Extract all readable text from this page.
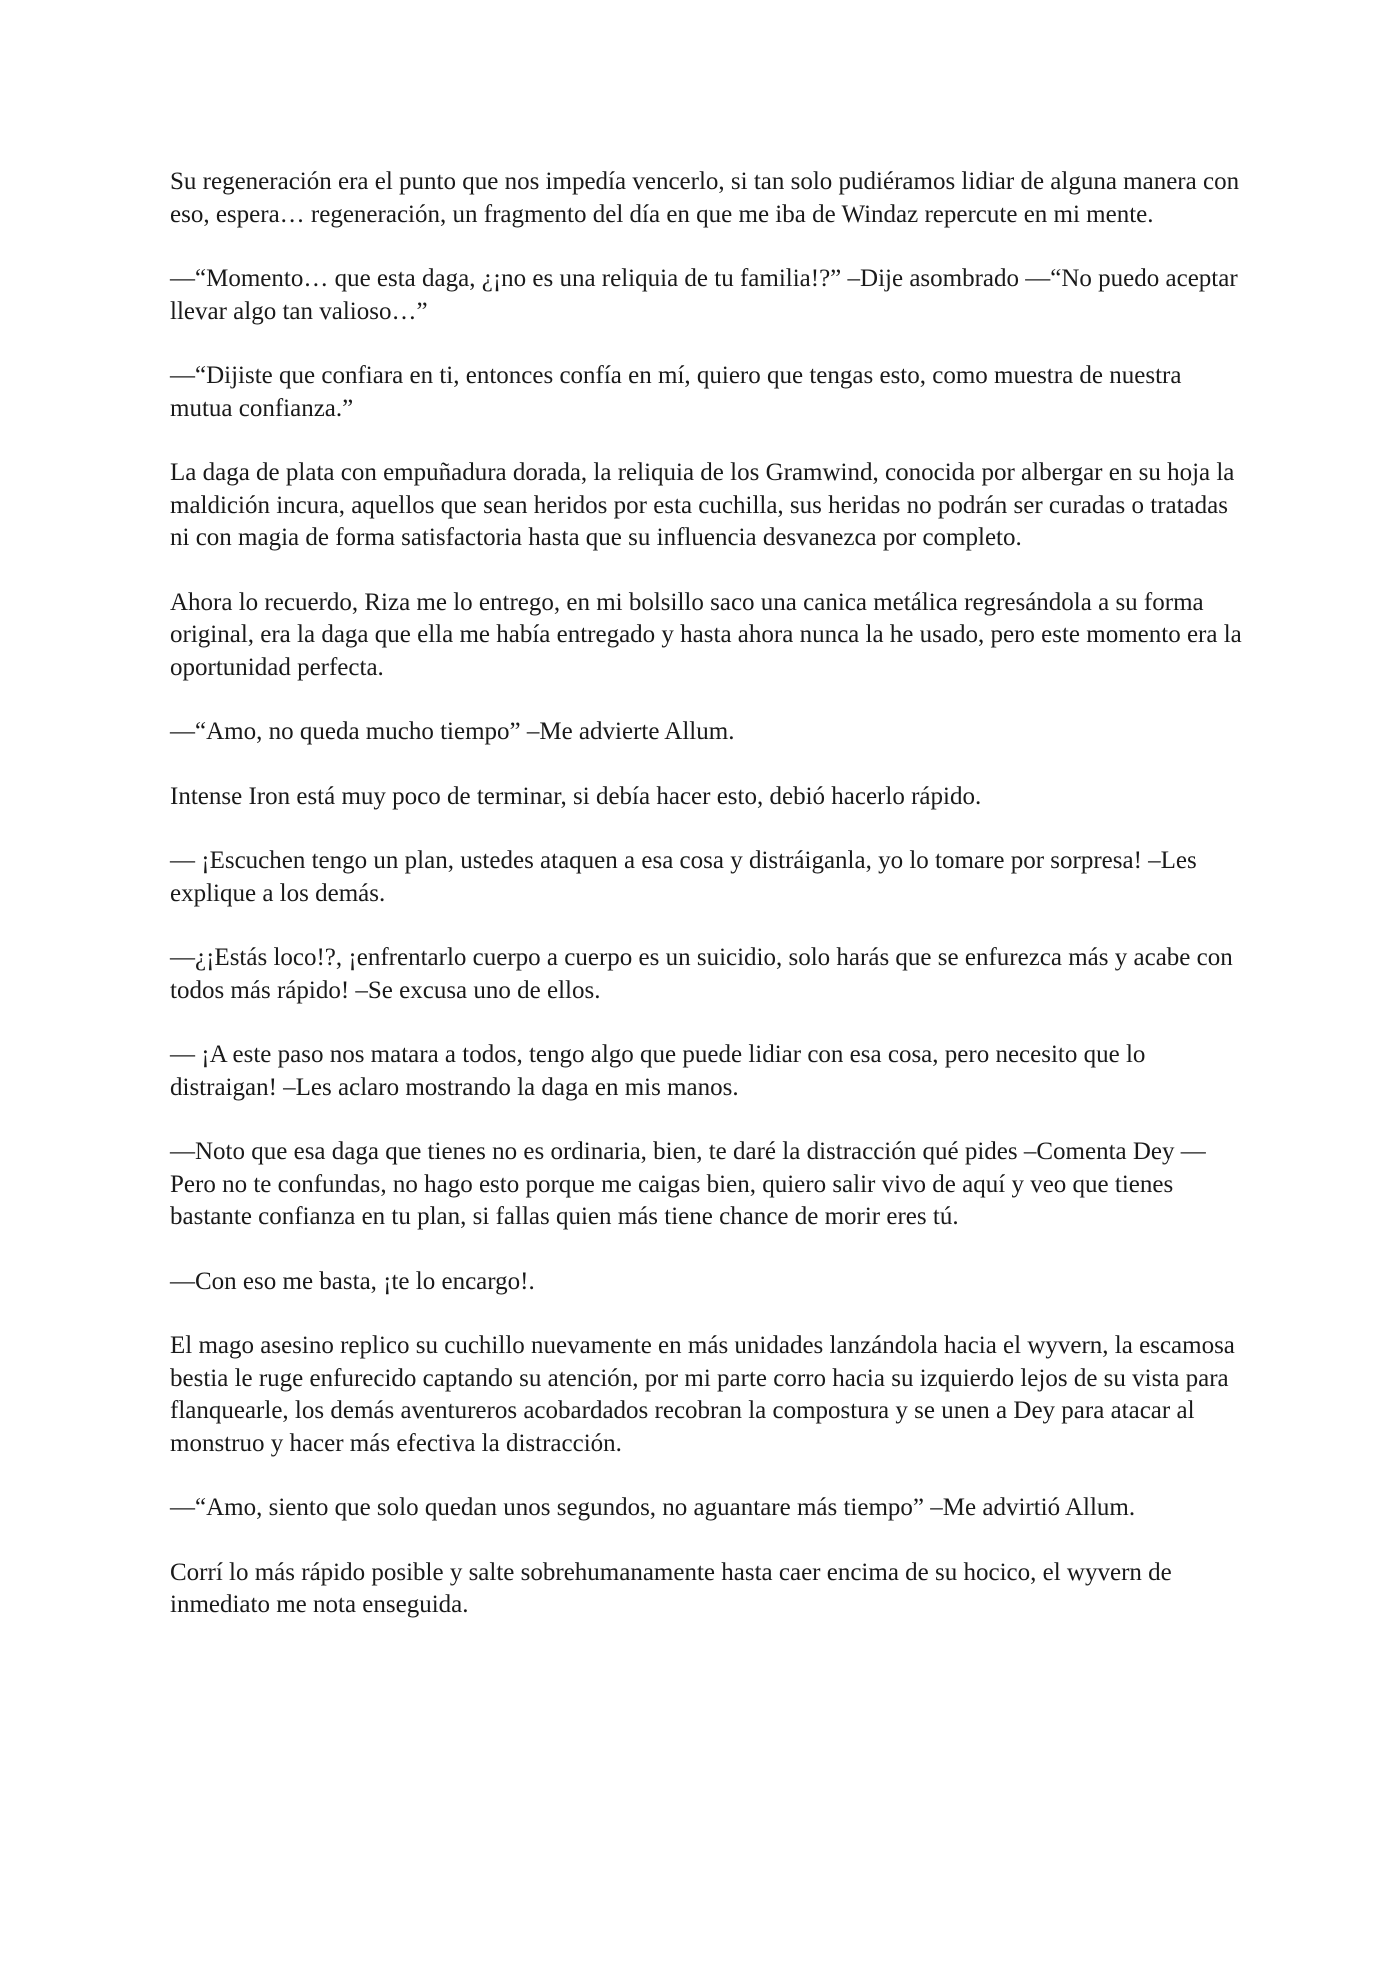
Su regeneración era el punto que nos impedía vencerlo, si tan solo pudiéramos lidiar de alguna manera con eso, espera… regeneración, un fragmento del día en que me iba de Windaz repercute en mi mente.

—“Momento… que esta daga, ¿¡no es una reliquia de tu familia!?” –Dije asombrado —“No puedo aceptar llevar algo tan valioso…”

—“Dijiste que confiara en ti, entonces confía en mí, quiero que tengas esto, como muestra de nuestra mutua confianza.”

La daga de plata con empuñadura dorada, la reliquia de los Gramwind, conocida por albergar en su hoja la maldición incura, aquellos que sean heridos por esta cuchilla, sus heridas no podrán ser curadas o tratadas ni con magia de forma satisfactoria hasta que su influencia desvanezca por completo.

Ahora lo recuerdo, Riza me lo entrego, en mi bolsillo saco una canica metálica regresándola a su forma original, era la daga que ella me había entregado y hasta ahora nunca la he usado, pero este momento era la oportunidad perfecta.

—“Amo, no queda mucho tiempo” –Me advierte Allum.

Intense Iron está muy poco de terminar, si debía hacer esto, debió hacerlo rápido.

— ¡Escuchen tengo un plan, ustedes ataquen a esa cosa y distráiganla, yo lo tomare por sorpresa! –Les explique a los demás.

—¿¡Estás loco!?, ¡enfrentarlo cuerpo a cuerpo es un suicidio, solo harás que se enfurezca más y acabe con todos más rápido! –Se excusa uno de ellos.

— ¡A este paso nos matara a todos, tengo algo que puede lidiar con esa cosa, pero necesito que lo distraigan! –Les aclaro mostrando la daga en mis manos.

—Noto que esa daga que tienes no es ordinaria, bien, te daré la distracción qué pides –Comenta Dey —Pero no te confundas, no hago esto porque me caigas bien, quiero salir vivo de aquí y veo que tienes bastante confianza en tu plan, si fallas quien más tiene chance de morir eres tú.

—Con eso me basta, ¡te lo encargo!.

El mago asesino replico su cuchillo nuevamente en más unidades lanzándola hacia el wyvern, la escamosa bestia le ruge enfurecido captando su atención, por mi parte corro hacia su izquierdo lejos de su vista para flanquearle, los demás aventureros acobardados recobran la compostura y se unen a Dey para atacar al monstruo y hacer más efectiva la distracción.

—“Amo, siento que solo quedan unos segundos, no aguantare más tiempo” –Me advirtió Allum.

Corrí lo más rápido posible y salte sobrehumanamente hasta caer encima de su hocico, el wyvern de inmediato me nota enseguida.
